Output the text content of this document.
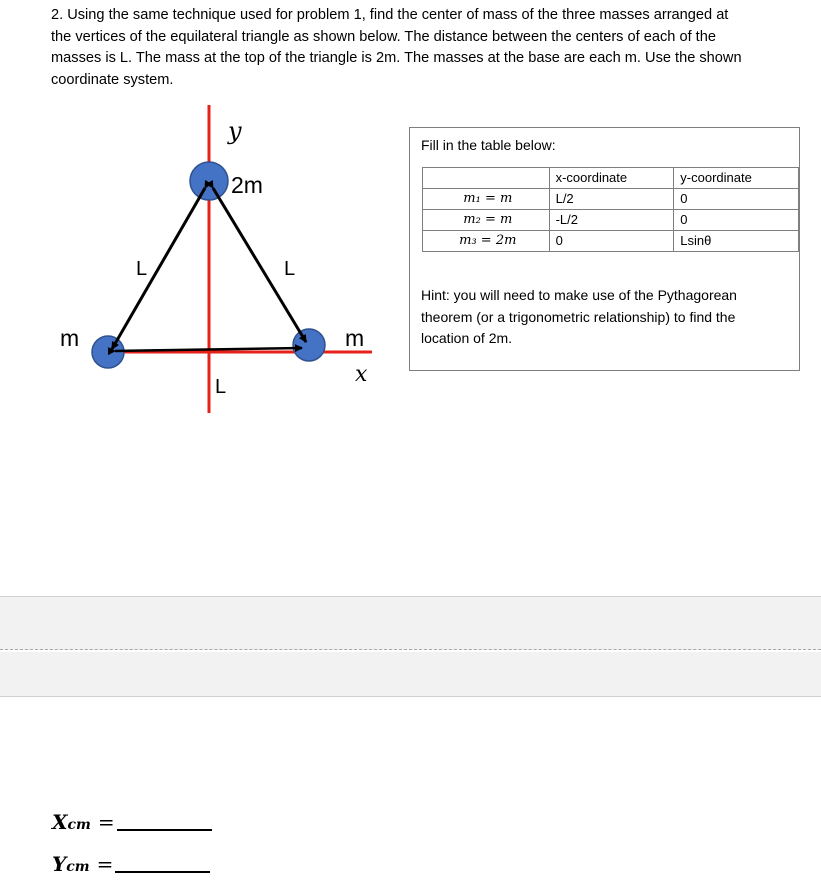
2. Using the same technique used for problem 1, find the center of mass of the three masses arranged at
the vertices of the equilateral triangle as shown below. The distance between the centers of each of the
masses is L. The mass at the top of the triangle is 2m. The masses at the base are each m. Use the shown
coordinate system.
y
x
2m
m	m
L	L
L
Fill in the table below:
	x-coordinate	y-coordinate
m₁ = m	L/2	0
m₂ = m	-L/2	0
m₃ = 2m	0	Lsinθ
Hint: you will need to make use of the Pythagorean
theorem (or a trigonometric relationship) to find the
location of 2m.
Xcm =
Ycm =
